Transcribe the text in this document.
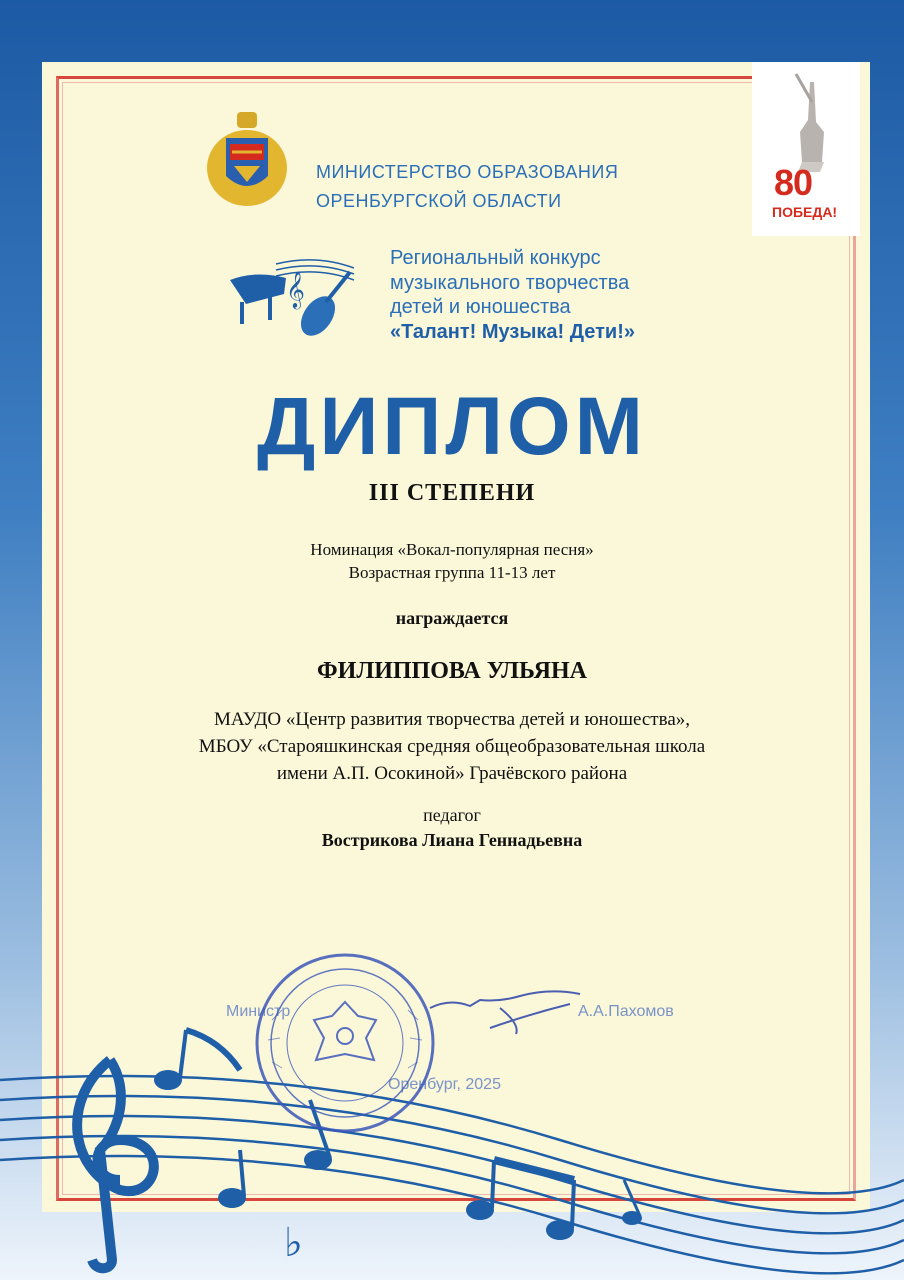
80
ПОБЕДА!
МИНИСТЕРСТВО ОБРАЗОВАНИЯ
ОРЕНБУРГСКОЙ ОБЛАСТИ
𝄞
Региональный конкурс
музыкального творчества
детей и юношества
«Талант! Музыка! Дети!»
ДИПЛОМ
III СТЕПЕНИ
Номинация «Вокал-популярная песня»
Возрастная группа 11-13 лет
награждается
ФИЛИППОВА УЛЬЯНА
МАУДО «Центр развития творчества детей и юношества»,
МБОУ «Старояшкинская средняя общеобразовательная школа
имени А.П. Осокиной» Грачёвского района
педагог
Вострикова Лиана Геннадьевна
♭
Министр	А.А.Пахомов
Оренбург, 2025
